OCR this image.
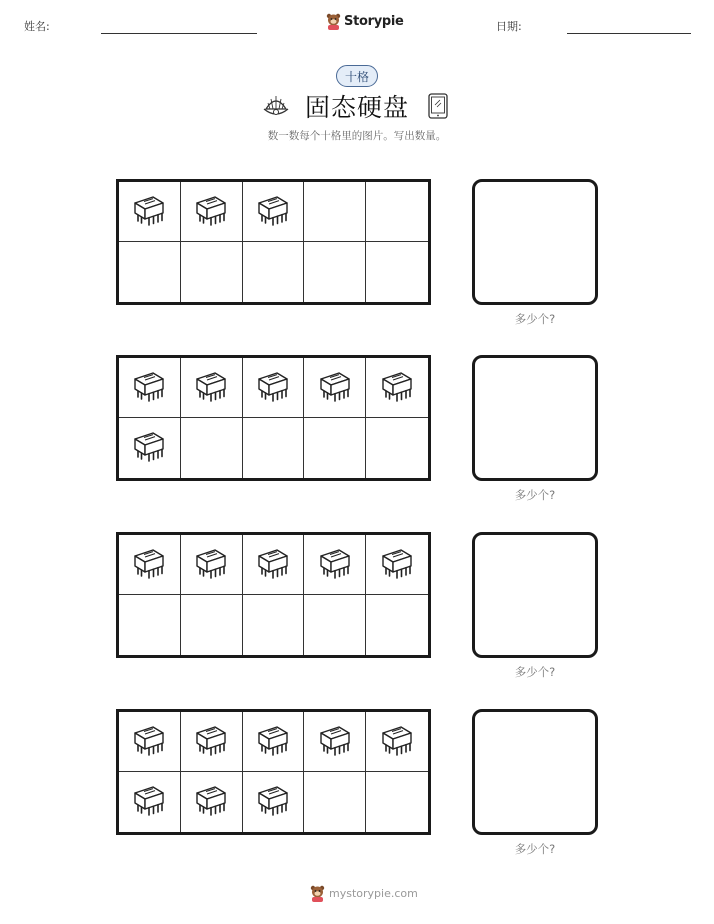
姓名:	Storypie	日期:
十格
固态硬盘
数一数每个十格里的图片。写出数量。
多少个?
多少个?
多少个?
多少个?
mystorypie.com
